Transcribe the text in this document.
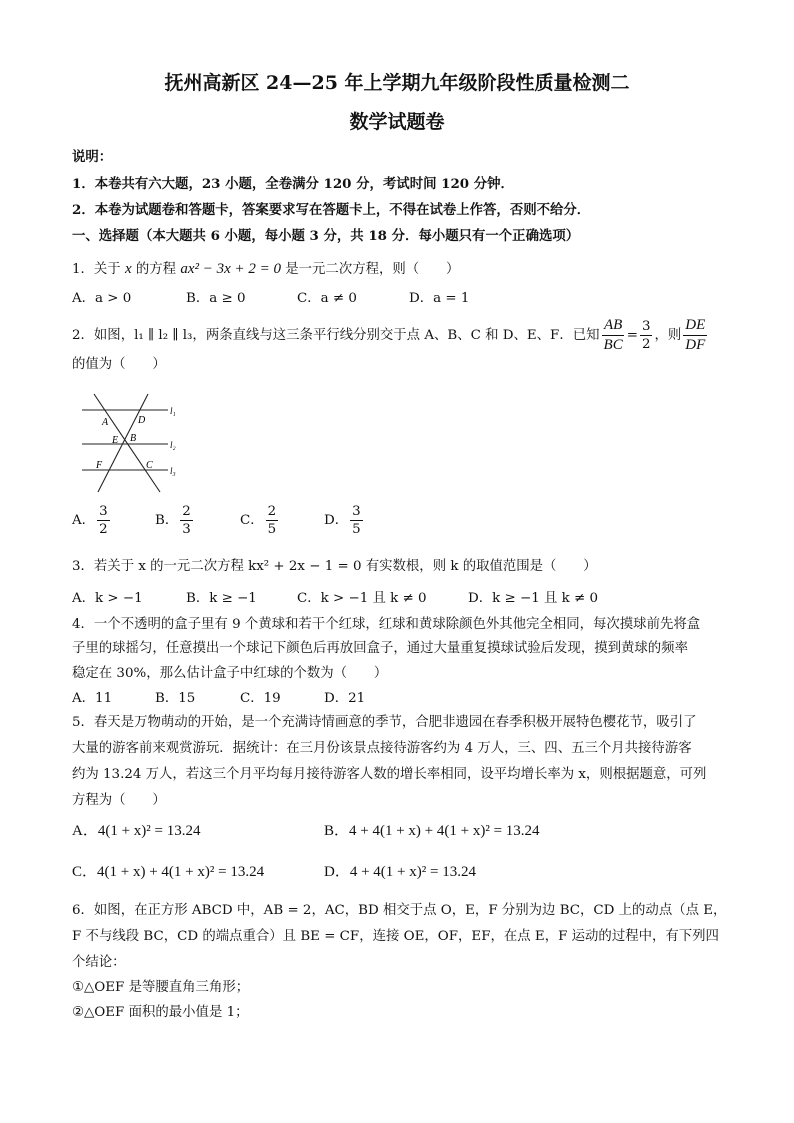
抚州高新区 24—25 年上学期九年级阶段性质量检测二
数学试题卷
说明：
1．本卷共有六大题，23 小题，全卷满分 120 分，考试时间 120 分钟．
2．本卷为试题卷和答题卡，答案要求写在答题卡上，不得在试卷上作答，否则不给分．
一、选择题（本大题共 6 小题，每小题 3 分，共 18 分．每小题只有一个正确选项）
1．关于 x 的方程 ax² − 3x + 2 = 0 是一元二次方程，则（　　）
A．a > 0	B．a ≥ 0	C．a ≠ 0	D．a = 1
2．如图，l₁ ∥ l₂ ∥ l₃，两条直线与这三条平行线分别交于点 A、B、C 和 D、E、F．已知 $\frac{AB}{BC} = \frac{3}{2}$ ，则 $\frac{DE}{DF}$
的值为（　　）
A	D
E B
F	C
l₁
l₂
l₃
A． $\frac{3}{2}$	B． $\frac{2}{3}$	C． $\frac{2}{5}$	D． $\frac{3}{5}$
3．若关于 x 的一元二次方程 kx² + 2x − 1 = 0 有实数根，则 k 的取值范围是（　　）
A．k > −1	B．k ≥ −1	C．k > −1 且 k ≠ 0	D．k ≥ −1 且 k ≠ 0
4．一个不透明的盒子里有 9 个黄球和若干个红球，红球和黄球除颜色外其他完全相同，每次摸球前先将盒
子里的球摇匀，任意摸出一个球记下颜色后再放回盒子，通过大量重复摸球试验后发现，摸到黄球的频率
稳定在 30%，那么估计盒子中红球的个数为（　　）
A．11	B．15	C．19	D．21
5．春天是万物萌动的开始，是一个充满诗情画意的季节，合肥非遗园在春季积极开展特色樱花节，吸引了
大量的游客前来观赏游玩．据统计：在三月份该景点接待游客约为 4 万人，三、四、五三个月共接待游客
约为 13.24 万人，若这三个月平均每月接待游客人数的增长率相同，设平均增长率为 x，则根据题意，可列
方程为（　　）
A．4(1 + x)² = 13.24	B．4 + 4(1 + x) + 4(1 + x)² = 13.24
C．4(1 + x) + 4(1 + x)² = 13.24	D．4 + 4(1 + x)² = 13.24
6．如图，在正方形 ABCD 中，AB = 2，AC，BD 相交于点 O，E，F 分别为边 BC，CD 上的动点（点 E，
F 不与线段 BC，CD 的端点重合）且 BE = CF，连接 OE，OF，EF，在点 E，F 运动的过程中，有下列四
个结论：
①△OEF 是等腰直角三角形；
②△OEF 面积的最小值是 1；
